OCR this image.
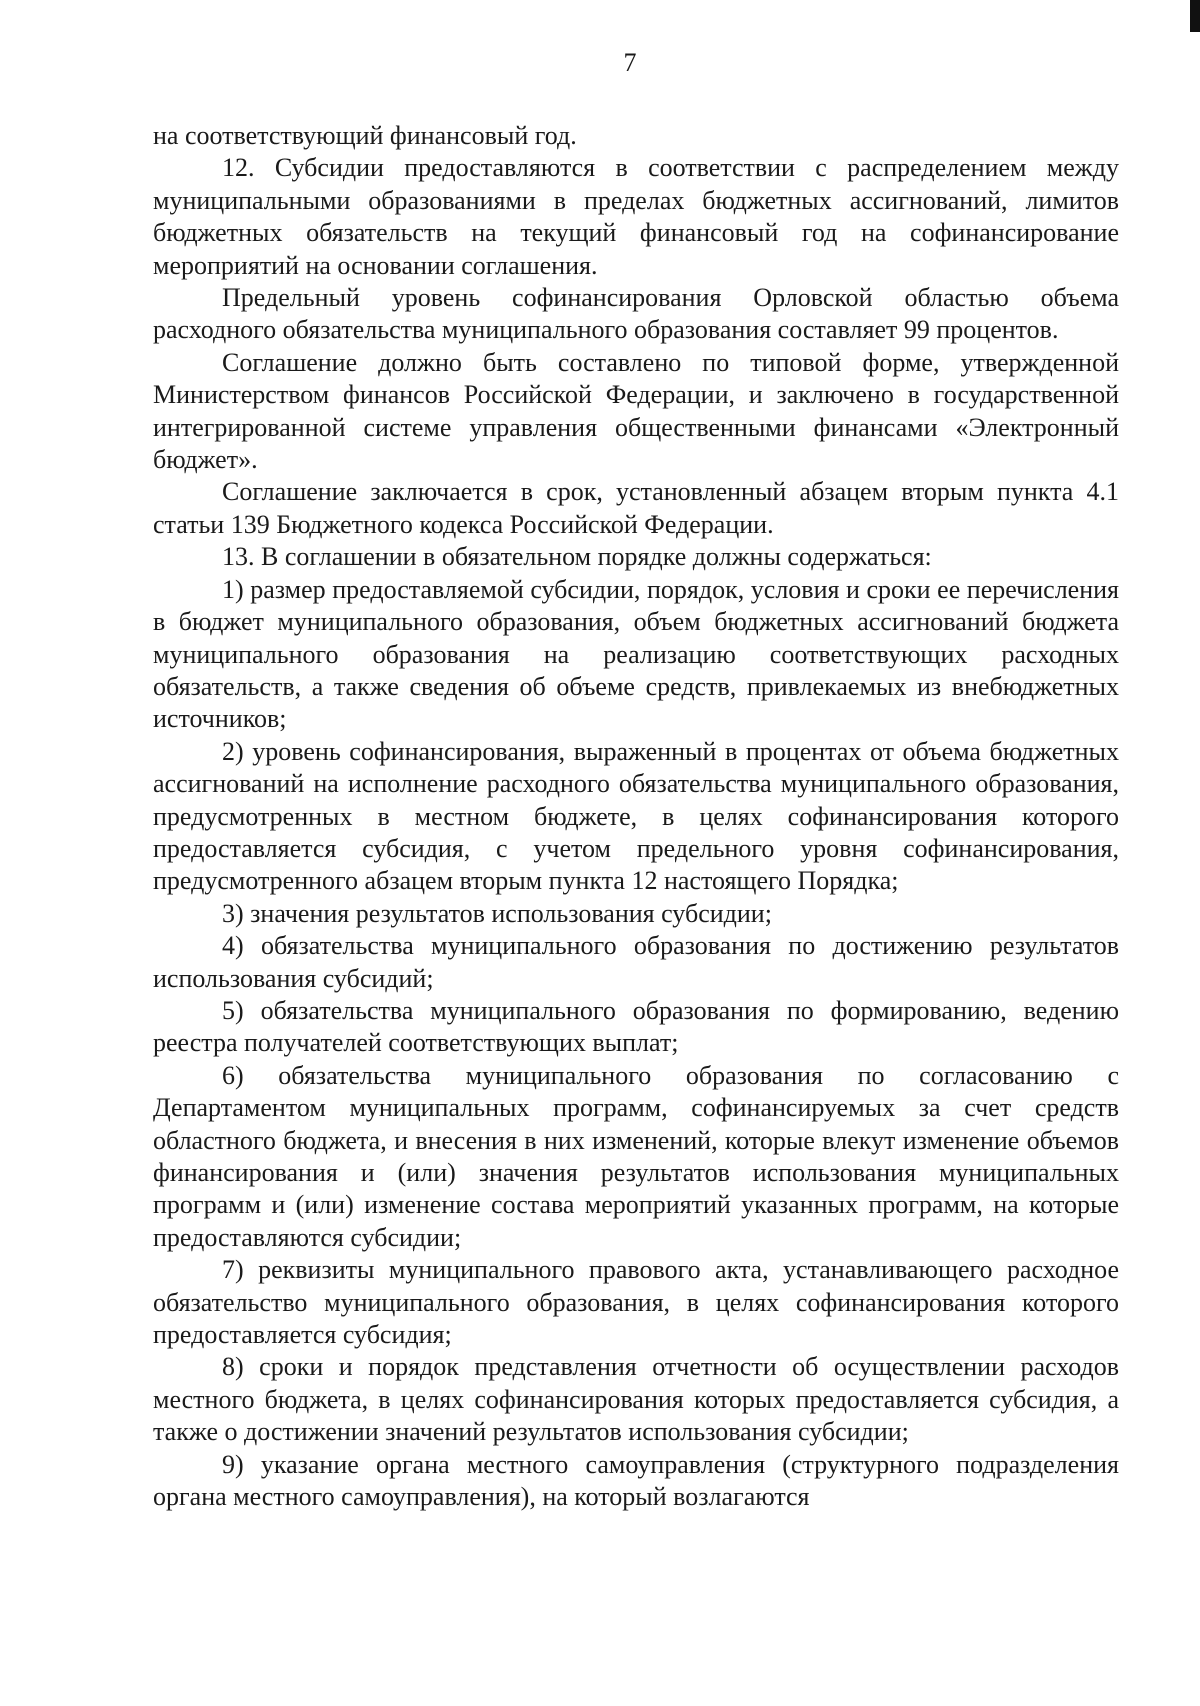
7

на соответствующий финансовый год.

12. Субсидии предоставляются в соответствии с распределением между муниципальными образованиями в пределах бюджетных ассигнований, лимитов бюджетных обязательств на текущий финансовый год на софинансирование мероприятий на основании соглашения.

Предельный уровень софинансирования Орловской областью объема расходного обязательства муниципального образования составляет 99 процентов.

Соглашение должно быть составлено по типовой форме, утвержденной Министерством финансов Российской Федерации, и заключено в государственной интегрированной системе управления общественными финансами «Электронный бюджет».

Соглашение заключается в срок, установленный абзацем вторым пункта 4.1 статьи 139 Бюджетного кодекса Российской Федерации.

13. В соглашении в обязательном порядке должны содержаться:

1) размер предоставляемой субсидии, порядок, условия и сроки ее перечисления в бюджет муниципального образования, объем бюджетных ассигнований бюджета муниципального образования на реализацию соответствующих расходных обязательств, а также сведения об объеме средств, привлекаемых из внебюджетных источников;

2) уровень софинансирования, выраженный в процентах от объема бюджетных ассигнований на исполнение расходного обязательства муниципального образования, предусмотренных в местном бюджете, в целях софинансирования которого предоставляется субсидия, с учетом предельного уровня софинансирования, предусмотренного абзацем вторым пункта 12 настоящего Порядка;

3) значения результатов использования субсидии;

4) обязательства муниципального образования по достижению результатов использования субсидий;

5) обязательства муниципального образования по формированию, ведению реестра получателей соответствующих выплат;

6) обязательства муниципального образования по согласованию с Департаментом муниципальных программ, софинансируемых за счет средств областного бюджета, и внесения в них изменений, которые влекут изменение объемов финансирования и (или) значения результатов использования муниципальных программ и (или) изменение состава мероприятий указанных программ, на которые предоставляются субсидии;

7) реквизиты муниципального правового акта, устанавливающего расходное обязательство муниципального образования, в целях софинансирования которого предоставляется субсидия;

8) сроки и порядок представления отчетности об осуществлении расходов местного бюджета, в целях софинансирования которых предоставляется субсидия, а также о достижении значений результатов использования субсидии;

9) указание органа местного самоуправления (структурного подразделения органа местного самоуправления), на который возлагаются
